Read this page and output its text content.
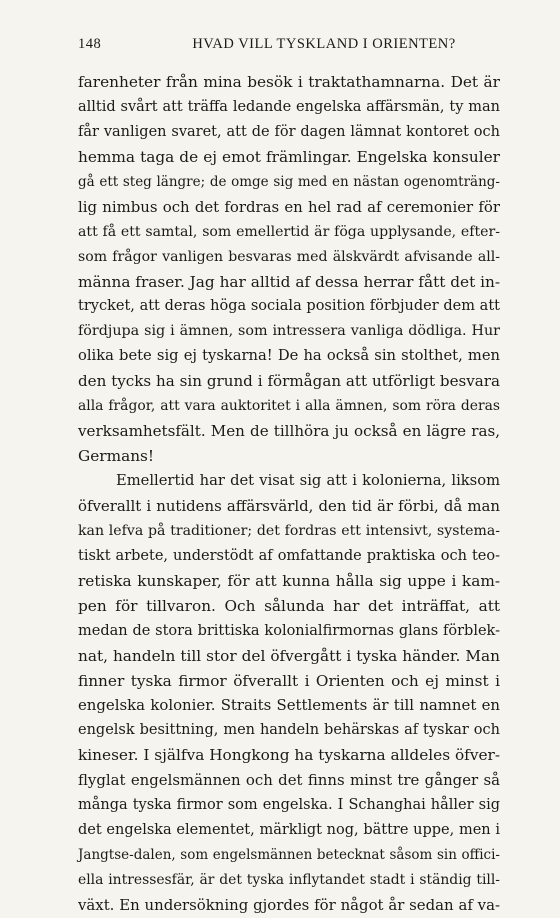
148	HVAD VILL TYSKLAND I ORIENTEN?
farenheter från mina besök i traktathamnarna. Det är
alltid svårt att träffa ledande engelska affärsmän, ty man
får vanligen svaret, att de för dagen lämnat kontoret och
hemma taga de ej emot främlingar. Engelska konsuler
gå ett steg längre; de omge sig med en nästan ogenomträng-
lig nimbus och det fordras en hel rad af ceremonier för
att få ett samtal, som emellertid är föga upplysande, efter-
som frågor vanligen besvaras med älskvärdt afvisande all-
männa fraser. Jag har alltid af dessa herrar fått det in-
trycket, att deras höga sociala position förbjuder dem att
fördjupa sig i ämnen, som intressera vanliga dödliga. Hur
olika bete sig ej tyskarna! De ha också sin stolthet, men
den tycks ha sin grund i förmågan att utförligt besvara
alla frågor, att vara auktoritet i alla ämnen, som röra deras
verksamhetsfält. Men de tillhöra ju också en lägre ras,
Germans!
Emellertid har det visat sig att i kolonierna, liksom
öfverallt i nutidens affärsvärld, den tid är förbi, då man
kan lefva på traditioner; det fordras ett intensivt, systema-
tiskt arbete, understödt af omfattande praktiska och teo-
retiska kunskaper, för att kunna hålla sig uppe i kam-
pen för tillvaron. Och sålunda har det inträffat, att
medan de stora brittiska kolonialfirmornas glans förblek-
nat, handeln till stor del öfvergått i tyska händer. Man
finner tyska firmor öfverallt i Orienten och ej minst i
engelska kolonier. Straits Settlements är till namnet en
engelsk besittning, men handeln behärskas af tyskar och
kineser. I själfva Hongkong ha tyskarna alldeles öfver-
flyglat engelsmännen och det finns minst tre gånger så
många tyska firmor som engelska. I Schanghai håller sig
det engelska elementet, märkligt nog, bättre uppe, men i
Jangtse-dalen, som engelsmännen betecknat såsom sin offici-
ella intressesfär, är det tyska inflytandet stadt i ständig till-
växt. En undersökning gjordes för något år sedan af va-
